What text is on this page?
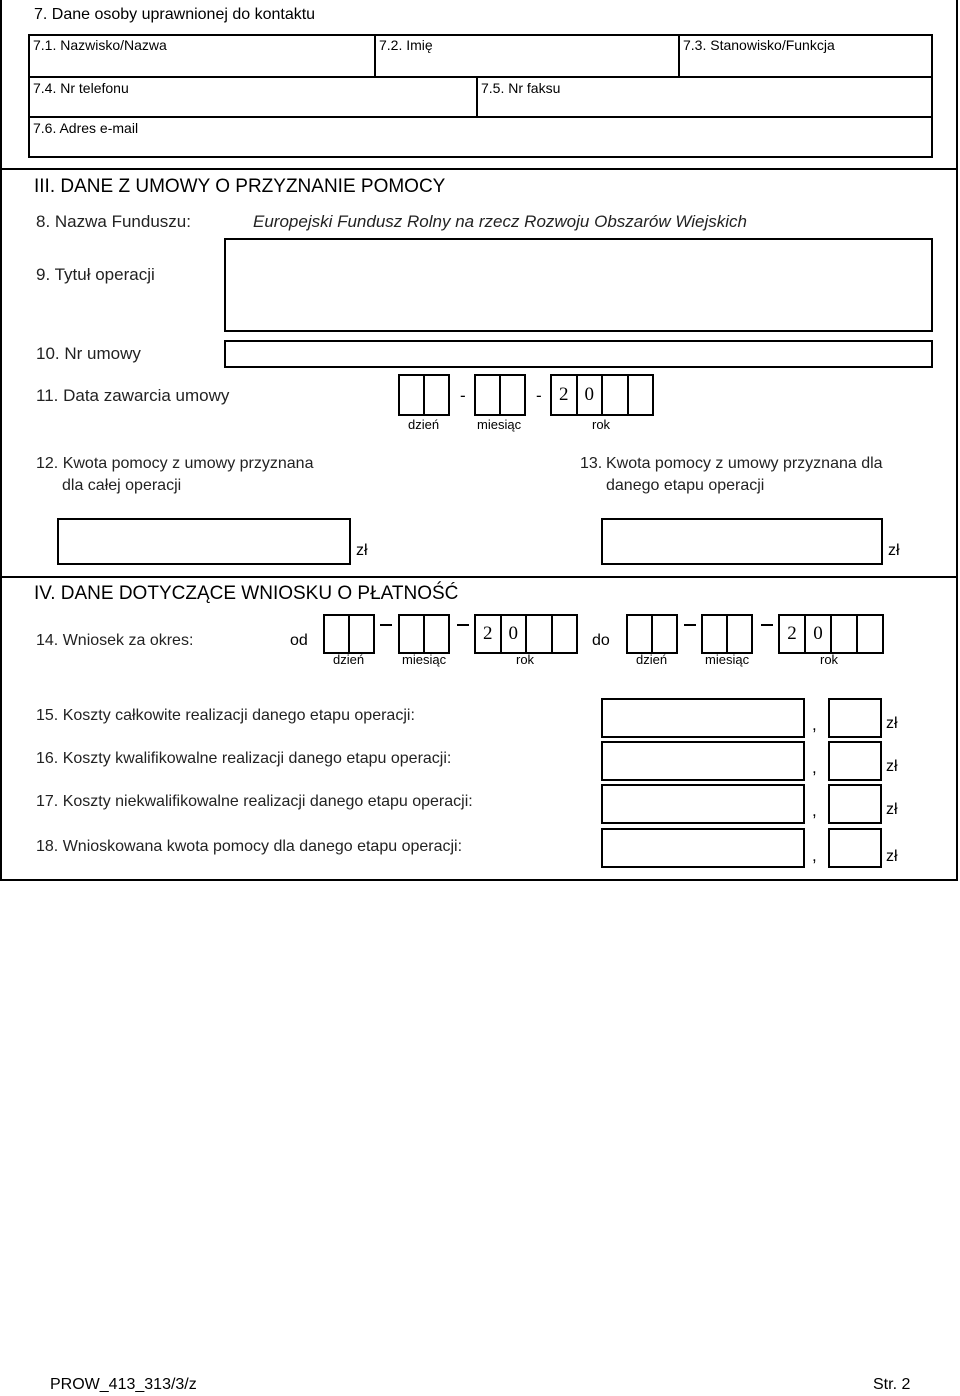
7. Dane osoby uprawnionej do kontaktu
7.1. Nazwisko/Nazwa	7.2. Imię	7.3. Stanowisko/Funkcja
7.4. Nr telefonu	7.5. Nr faksu
7.6. Adres e-mail
III. DANE Z UMOWY O PRZYZNANIE POMOCY
8. Nazwa Funduszu:	Europejski Fundusz Rolny na rzecz Rozwoju Obszarów Wiejskich
9. Tytuł operacji
10. Nr umowy
11. Data zawarcia umowy	-	- 2 0
dzień	miesiąc	rok
12. Kwota pomocy z umowy przyznana
dla całej operacji
13. Kwota pomocy z umowy przyznana dla
danego etapu operacji
zł	zł
IV. DANE DOTYCZĄCE WNIOSKU O PŁATNOŚĆ
14. Wniosek za okres:	od	2 0
dzień	miesiąc	rok
do	2 0
dzień	miesiąc	rok
15. Koszty całkowite realizacji danego etapu operacji:	,	zł
16. Koszty kwalifikowalne realizacji danego etapu operacji:	,	zł
17. Koszty niekwalifikowalne realizacji danego etapu operacji:	,	zł
18. Wnioskowana kwota pomocy dla danego etapu operacji:	,	zł
PROW_413_313/3/z	Str. 2
